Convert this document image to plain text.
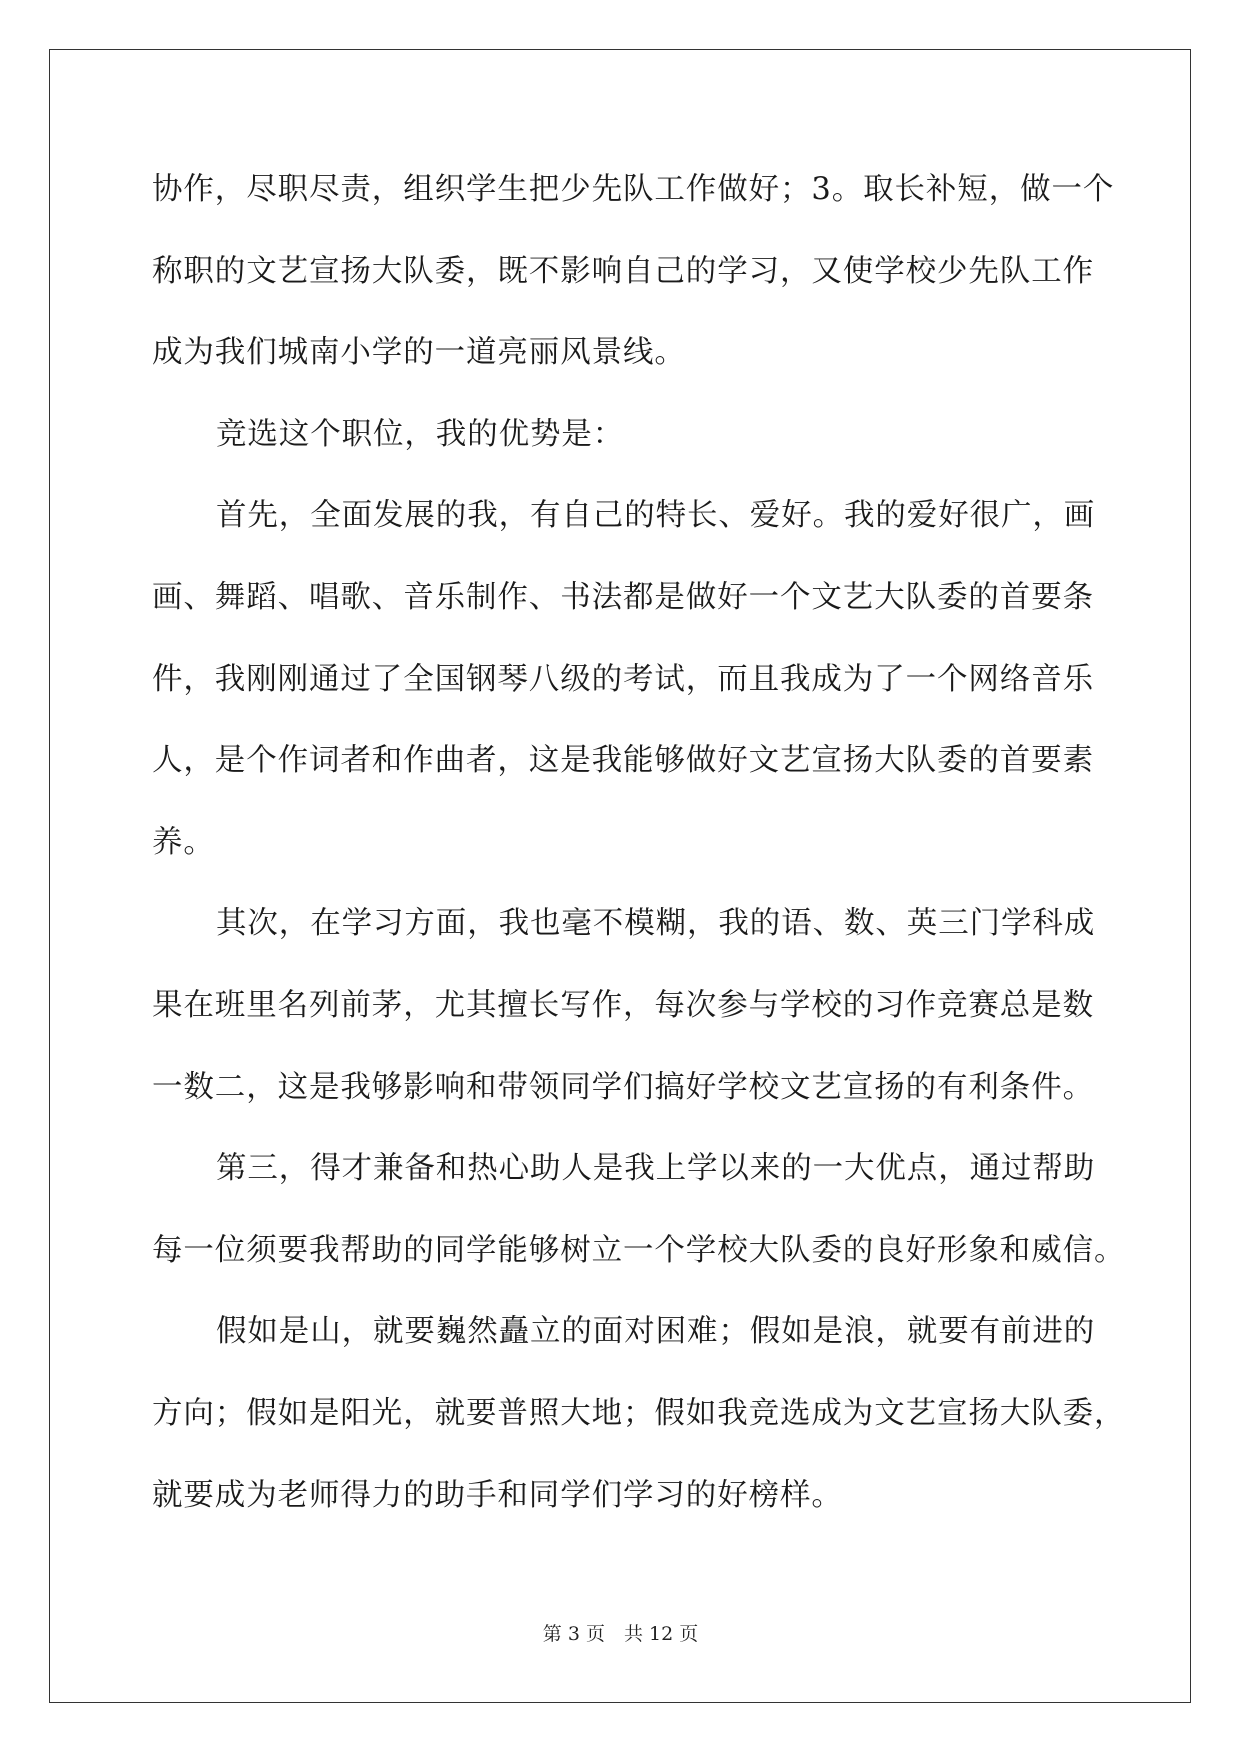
协作，尽职尽责，组织学生把少先队工作做好；3。取长补短，做一个
称职的文艺宣扬大队委，既不影响自己的学习，又使学校少先队工作
成为我们城南小学的一道亮丽风景线。
竞选这个职位，我的优势是：
首先，全面发展的我，有自己的特长、爱好。我的爱好很广，画
画、舞蹈、唱歌、音乐制作、书法都是做好一个文艺大队委的首要条
件，我刚刚通过了全国钢琴八级的考试，而且我成为了一个网络音乐
人，是个作词者和作曲者，这是我能够做好文艺宣扬大队委的首要素
养。
其次，在学习方面，我也毫不模糊，我的语、数、英三门学科成
果在班里名列前茅，尤其擅长写作，每次参与学校的习作竞赛总是数
一数二，这是我够影响和带领同学们搞好学校文艺宣扬的有利条件。
第三，得才兼备和热心助人是我上学以来的一大优点，通过帮助
每一位须要我帮助的同学能够树立一个学校大队委的良好形象和威信。
假如是山，就要巍然矗立的面对困难；假如是浪，就要有前进的
方向；假如是阳光，就要普照大地；假如我竞选成为文艺宣扬大队委，
就要成为老师得力的助手和同学们学习的好榜样。
第 3 页　共 12 页
